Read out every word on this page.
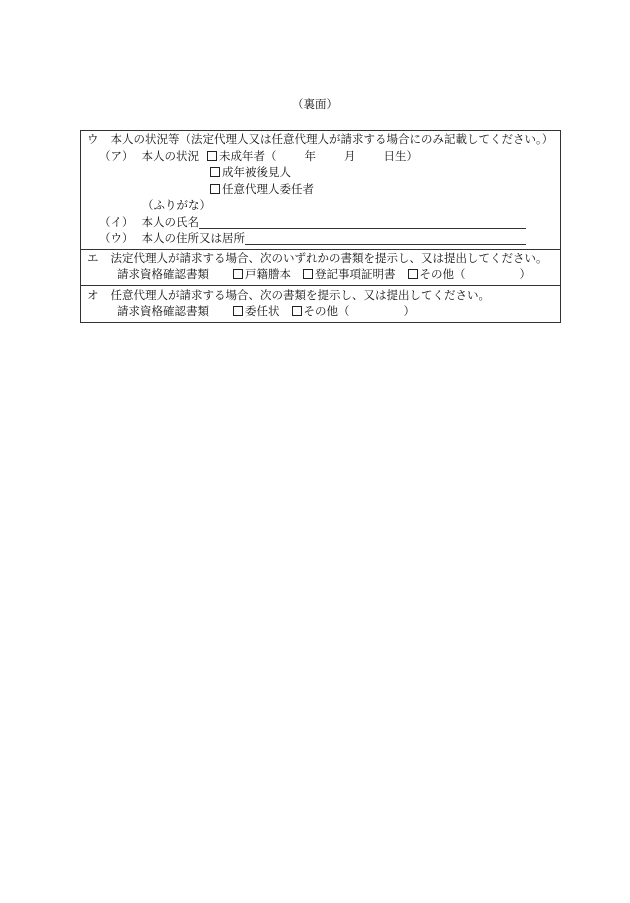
（裏面）
ウ 本人の状況等（法定代理人又は任意代理人が請求する場合にのみ記載してください。）
（ア） 本人の状況 未成年者（ 年 月 日生）
成年被後見人
任意代理人委任者
（ふりがな）
（イ） 本人の氏名
（ウ） 本人の住所又は居所
エ 法定代理人が請求する場合、次のいずれかの書類を提示し、又は提出してください。
請求資格確認書類	戸籍謄本 登記事項証明書 その他（	）
オ 任意代理人が請求する場合、次の書類を提示し、又は提出してください。
請求資格確認書類	委任状 その他（	）
